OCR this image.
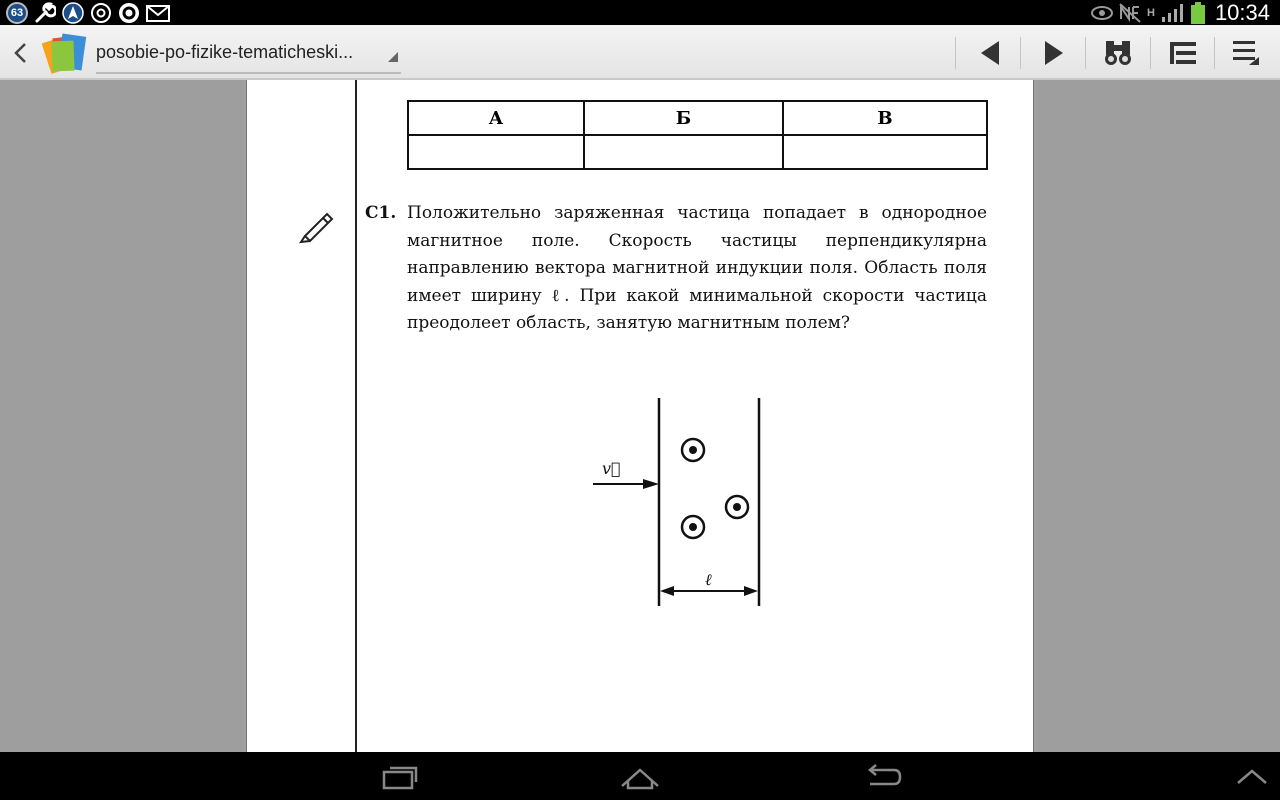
63	H	10:34
posobie-po-fizike-tematicheski...
А	Б	В

С1. Положительно заряженная частица попадает в однородное магнитное поле. Скорость частицы перпендикулярна направлению вектора магнитной индукции поля. Область поля имеет ширину ℓ. При какой минимальной скорости частица преодолеет область, занятую магнитным полем?
v⃗
ℓ
